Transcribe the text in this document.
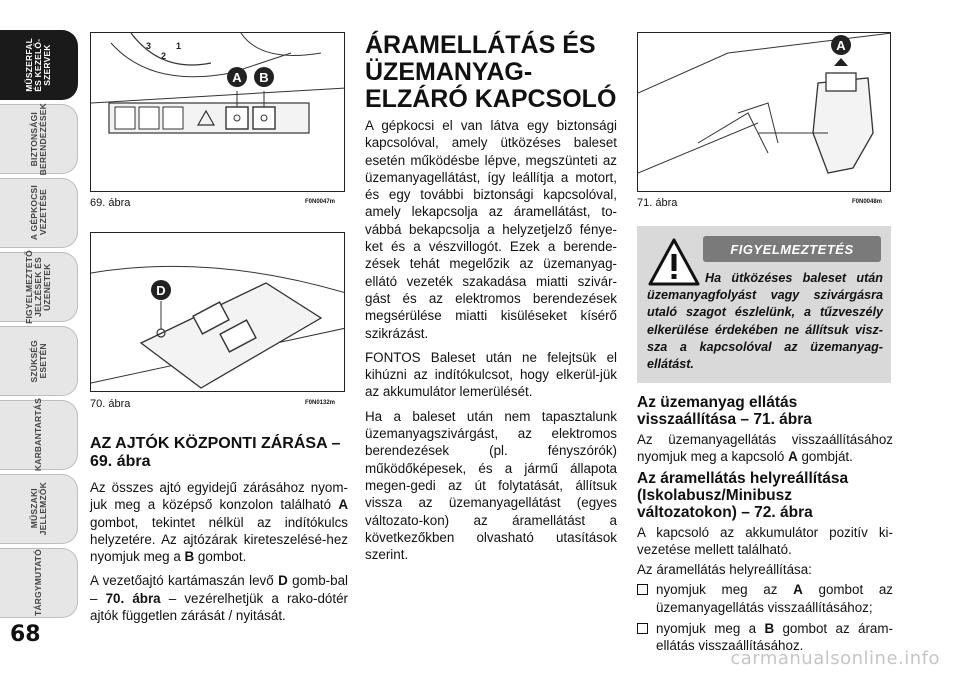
MŰSZERFAL
ÉS KEZELŐ-
SZERVEK
BIZTONSÁGI
BERENDEZÉSEK
A GÉPKOCSI
VEZETÉSE
FIGYELMEZTETŐ
JELZÉSEK ÉS
ÜZENETEK
SZÜKSÉG
ESETÉN
KARBANTARTÁS
MŰSZAKI
JELLEMZŐK
TÁRGYMUTATÓ
68
A B
3
2
1
69. ábra	F0N0047m
D
70. ábra	F0N0132m
A
71. ábra	F0N0048m
AZ AJTÓK KÖZPONTI ZÁRÁSA – 69. ábra
Az összes ajtó egyidejű zárásához nyom-juk meg a középső konzolon található A gombot, tekintet nélkül az indítókulcs helyzetére. Az ajtózárak kireteszelésé-hez nyomjuk meg a B gombot.
A vezetőajtó kartámaszán levő D gomb-bal – 70. ábra – vezérelhetjük a rako-dótér ajtók független zárását / nyitását.
ÁRAMELLÁTÁS ÉS ÜZEMANYAG-ELZÁRÓ KAPCSOLÓ
A gépkocsi el van látva egy biztonsági kapcsolóval, amely ütközéses baleset esetén működésbe lépve, megszünteti az üzemanyagellátást, így leállítja a motort, és egy további biztonsági kapcsolóval, amely lekapcsolja az áramellátást, to-vábbá bekapcsolja a helyzetjelző fénye-ket és a vészvillogót. Ezek a berende-zések tehát megelőzik az üzemanyag-ellátó vezeték szakadása miatti szivár-gást és az elektromos berendezések megsérülése miatti kisüléseket kísérő szikrázást.
FONTOS Baleset után ne felejtsük el kihúzni az indítókulcsot, hogy elkerül-jük az akkumulátor lemerülését.
Ha a baleset után nem tapasztalunk üzemanyagszivárgást, az elektromos berendezések (pl. fényszórók) működőképesek, és a jármű állapota megen-gedi az út folytatását, állítsuk vissza az üzemanyagellátást (egyes változato-kon) az áramellátást a következőkben olvasható utasítások szerint.
FIGYELMEZTETÉS
Ha ütközéses baleset után üzemanyagfolyást vagy szivárgásra utaló szagot észlelünk, a tűzveszély elkerülése érdekében ne állítsuk visz-sza a kapcsolóval az üzemanyag-ellátást.
Az üzemanyag ellátás visszaállítása – 71. ábra
Az üzemanyagellátás visszaállításához nyomjuk meg a kapcsoló A gombját.
Az áramellátás helyreállítása (Iskolabusz/Minibusz változatokon) – 72. ábra
A kapcsoló az akkumulátor pozitív ki-vezetése mellett található.
Az áramellátás helyreállítása:
nyomjuk meg az A gombot az üzemanyagellátás visszaállításához;
nyomjuk meg a B gombot az áram-ellátás visszaállításához.
carmanualsonline.info
